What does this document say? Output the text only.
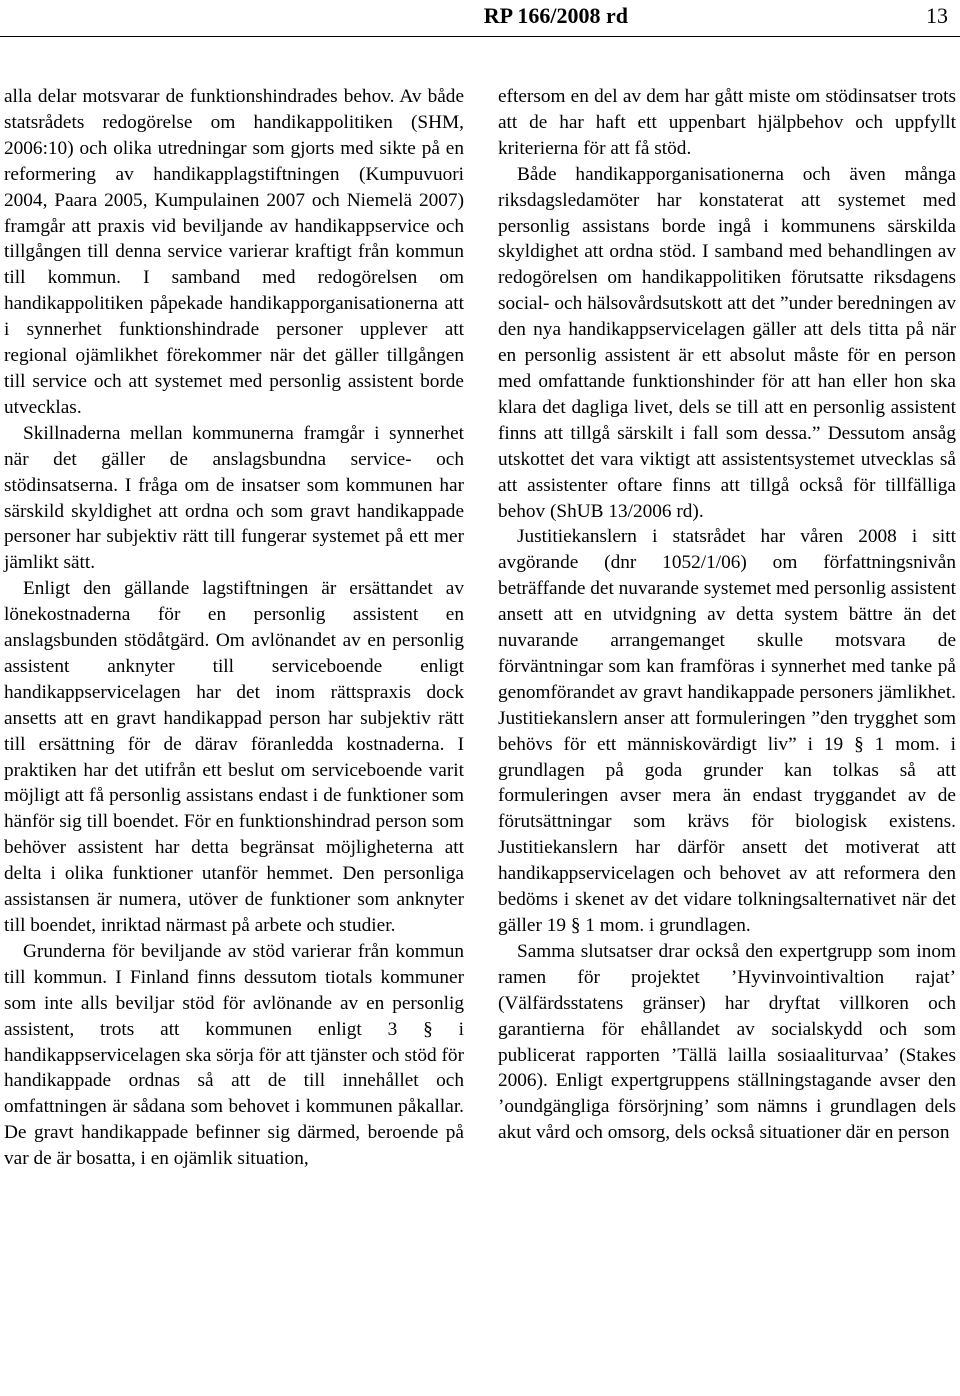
RP 166/2008 rd	13

alla delar motsvarar de funktionshindrades behov. Av både statsrådets redogörelse om handikappolitiken (SHM, 2006:10) och olika utredningar som gjorts med sikte på en reformering av handikapplagstiftningen (Kumpuvuori 2004, Paara 2005, Kumpulainen 2007 och Niemelä 2007) framgår att praxis vid beviljande av handikappservice och tillgången till denna service varierar kraftigt från kommun till kommun. I samband med redogörelsen om handikappolitiken påpekade handikapporganisationerna att i synnerhet funktionshindrade personer upplever att regional ojämlikhet förekommer när det gäller tillgången till service och att systemet med personlig assistent borde utvecklas.

Skillnaderna mellan kommunerna framgår i synnerhet när det gäller de anslagsbundna service- och stödinsatserna. I fråga om de insatser som kommunen har särskild skyldighet att ordna och som gravt handikappade personer har subjektiv rätt till fungerar systemet på ett mer jämlikt sätt.

Enligt den gällande lagstiftningen är ersättandet av lönekostnaderna för en personlig assistent en anslagsbunden stödåtgärd. Om avlönandet av en personlig assistent anknyter till serviceboende enligt handikappservicelagen har det inom rättspraxis dock ansetts att en gravt handikappad person har subjektiv rätt till ersättning för de därav föranledda kostnaderna. I praktiken har det utifrån ett beslut om serviceboende varit möjligt att få personlig assistans endast i de funktioner som hänför sig till boendet. För en funktionshindrad person som behöver assistent har detta begränsat möjligheterna att delta i olika funktioner utanför hemmet. Den personliga assistansen är numera, utöver de funktioner som anknyter till boendet, inriktad närmast på arbete och studier.

Grunderna för beviljande av stöd varierar från kommun till kommun. I Finland finns dessutom tiotals kommuner som inte alls beviljar stöd för avlönande av en personlig assistent, trots att kommunen enligt 3 § i handikappservicelagen ska sörja för att tjänster och stöd för handikappade ordnas så att de till innehållet och omfattningen är sådana som behovet i kommunen påkallar. De gravt handikappade befinner sig därmed, beroende på var de är bosatta, i en ojämlik situation,

eftersom en del av dem har gått miste om stödinsatser trots att de har haft ett uppenbart hjälpbehov och uppfyllt kriterierna för att få stöd.

Både handikapporganisationerna och även många riksdagsledamöter har konstaterat att systemet med personlig assistans borde ingå i kommunens särskilda skyldighet att ordna stöd. I samband med behandlingen av redogörelsen om handikappolitiken förutsatte riksdagens social- och hälsovårdsutskott att det ”under beredningen av den nya handikappservicelagen gäller att dels titta på när en personlig assistent är ett absolut måste för en person med omfattande funktionshinder för att han eller hon ska klara det dagliga livet, dels se till att en personlig assistent finns att tillgå särskilt i fall som dessa.” Dessutom ansåg utskottet det vara viktigt att assistentsystemet utvecklas så att assistenter oftare finns att tillgå också för tillfälliga behov (ShUB 13/2006 rd).

Justitiekanslern i statsrådet har våren 2008 i sitt avgörande (dnr 1052/1/06) om författningsnivån beträffande det nuvarande systemet med personlig assistent ansett att en utvidgning av detta system bättre än det nuvarande arrangemanget skulle motsvara de förväntningar som kan framföras i synnerhet med tanke på genomförandet av gravt handikappade personers jämlikhet. Justitiekanslern anser att formuleringen ”den trygghet som behövs för ett människovärdigt liv” i 19 § 1 mom. i grundlagen på goda grunder kan tolkas så att formuleringen avser mera än endast tryggandet av de förutsättningar som krävs för biologisk existens. Justitiekanslern har därför ansett det motiverat att handikappservicelagen och behovet av att reformera den bedöms i skenet av det vidare tolkningsalternativet när det gäller 19 § 1 mom. i grundlagen.

Samma slutsatser drar också den expertgrupp som inom ramen för projektet ’Hyvinvointivaltion rajat’ (Välfärdsstatens gränser) har dryftat villkoren och garantierna för ehållandet av socialskydd och som publicerat rapporten ’Tällä lailla sosiaaliturvaa’ (Stakes 2006). Enligt expertgruppens ställningstagande avser den ’oundgängliga försörjning’ som nämns i grundlagen dels akut vård och omsorg, dels också situationer där en person
